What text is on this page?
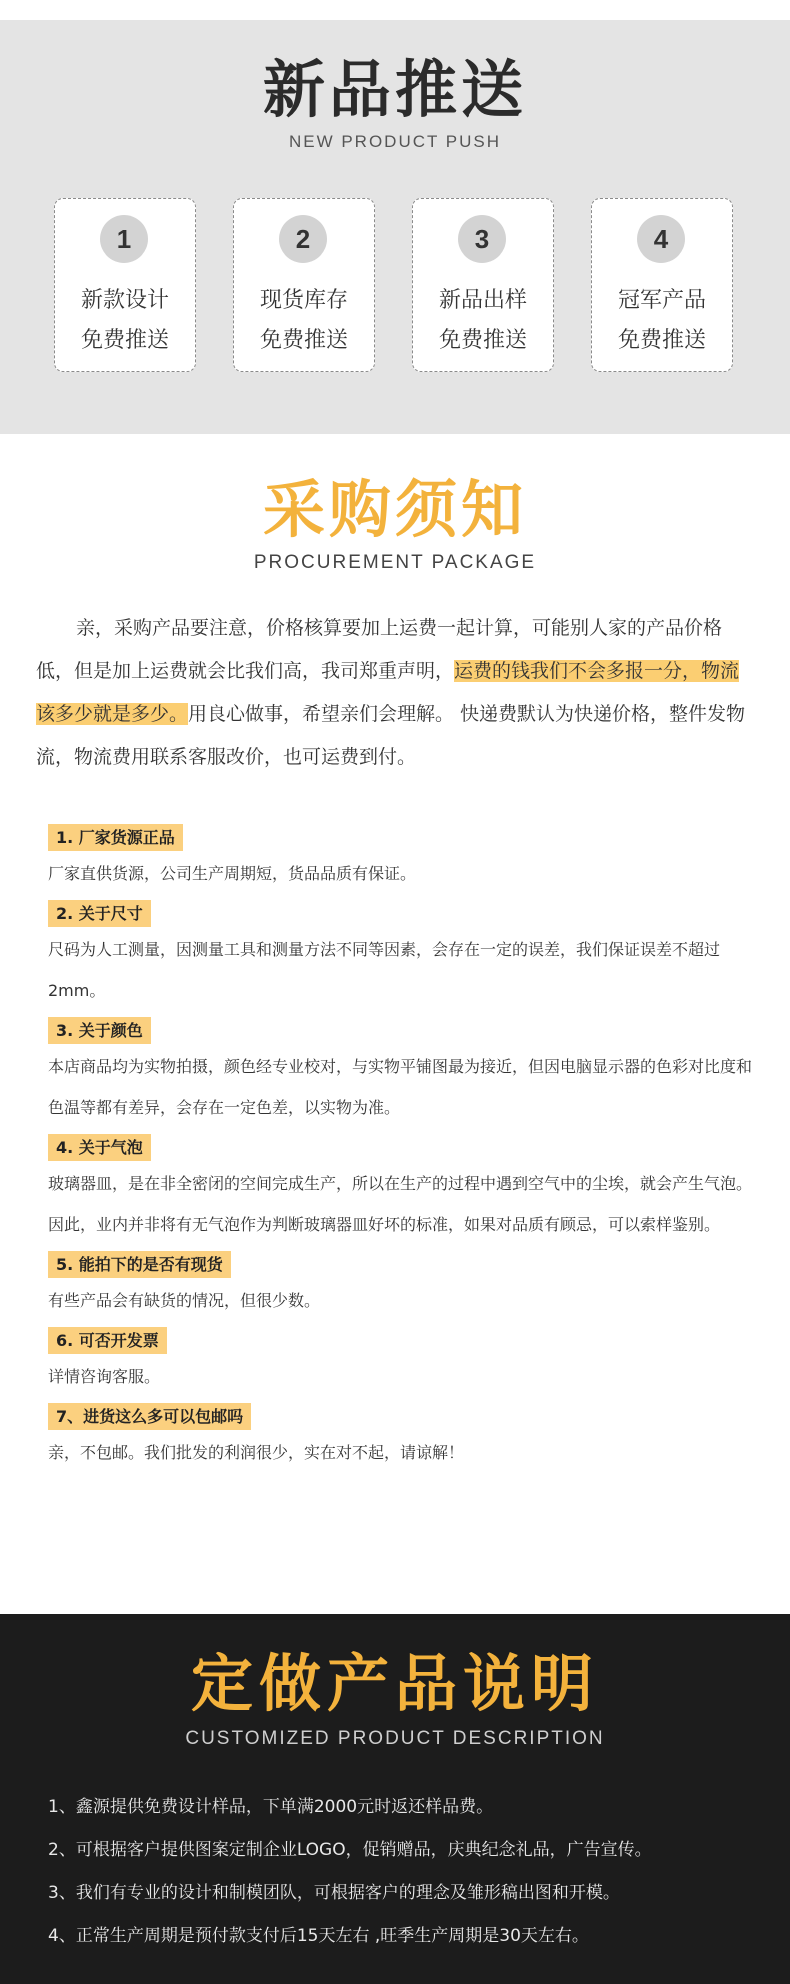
新品推送
NEW PRODUCT PUSH
1
新款设计
免费推送
2
现货库存
免费推送
3
新品出样
免费推送
4
冠军产品
免费推送
采购须知
PROCUREMENT PACKAGE

亲，采购产品要注意，价格核算要加上运费一起计算，可能别人家的产品价格低，但是加上运费就会比我们高，我司郑重声明，运费的钱我们不会多报一分，物流该多少就是多少。用良心做事，希望亲们会理解。 快递费默认为快递价格，整件发物流，物流费用联系客服改价，也可运费到付。

1. 厂家货源正品

厂家直供货源，公司生产周期短，货品品质有保证。

2. 关于尺寸

尺码为人工测量，因测量工具和测量方法不同等因素，会存在一定的误差，我们保证误差不超过2mm。

3. 关于颜色

本店商品均为实物拍摄，颜色经专业校对，与实物平铺图最为接近，但因电脑显示器的色彩对比度和色温等都有差异，会存在一定色差，以实物为准。

4. 关于气泡

玻璃器皿，是在非全密闭的空间完成生产，所以在生产的过程中遇到空气中的尘埃，就会产生气泡。因此，业内并非将有无气泡作为判断玻璃器皿好坏的标准，如果对品质有顾忌，可以索样鉴别。

5. 能拍下的是否有现货

有些产品会有缺货的情况，但很少数。

6. 可否开发票

详情咨询客服。

7、进货这么多可以包邮吗

亲，不包邮。我们批发的利润很少，实在对不起，请谅解！

定做产品说明
CUSTOMIZED PRODUCT DESCRIPTION
1、鑫源提供免费设计样品，下单满2000元时返还样品费。
2、可根据客户提供图案定制企业LOGO，促销赠品，庆典纪念礼品，广告宣传。
3、我们有专业的设计和制模团队，可根据客户的理念及雏形稿出图和开模。
4、正常生产周期是预付款支付后15天左右 ,旺季生产周期是30天左右。
